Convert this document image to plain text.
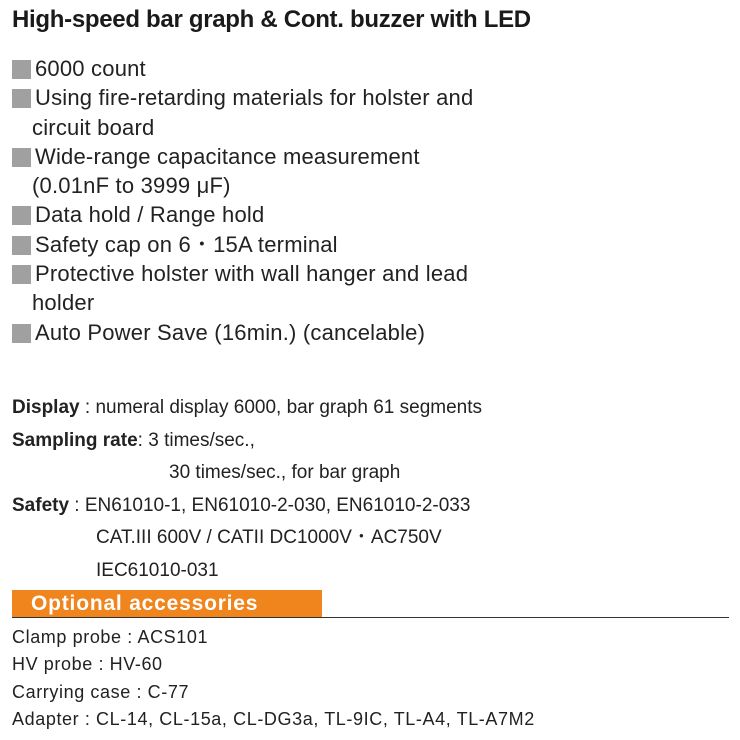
High-speed bar graph & Cont. buzzer with LED
6000 count
Using fire-retarding materials for holster and
circuit board
Wide-range capacitance measurement
(0.01nF to 3999 μF)
Data hold / Range hold
Safety cap on 6・15A terminal
Protective holster with wall hanger and lead
holder
Auto Power Save (16min.) (cancelable)
Display : numeral display 6000, bar graph 61 segments
Sampling rate: 3 times/sec.,
30 times/sec., for bar graph
Safety : EN61010-1, EN61010-2-030, EN61010-2-033
CAT.III 600V / CATII DC1000V・AC750V
IEC61010-031
Optional accessories
Clamp probe : ACS101
HV probe : HV-60
Carrying case : C-77
Adapter : CL-14, CL-15a, CL-DG3a, TL-9IC, TL-A4, TL-A7M2
